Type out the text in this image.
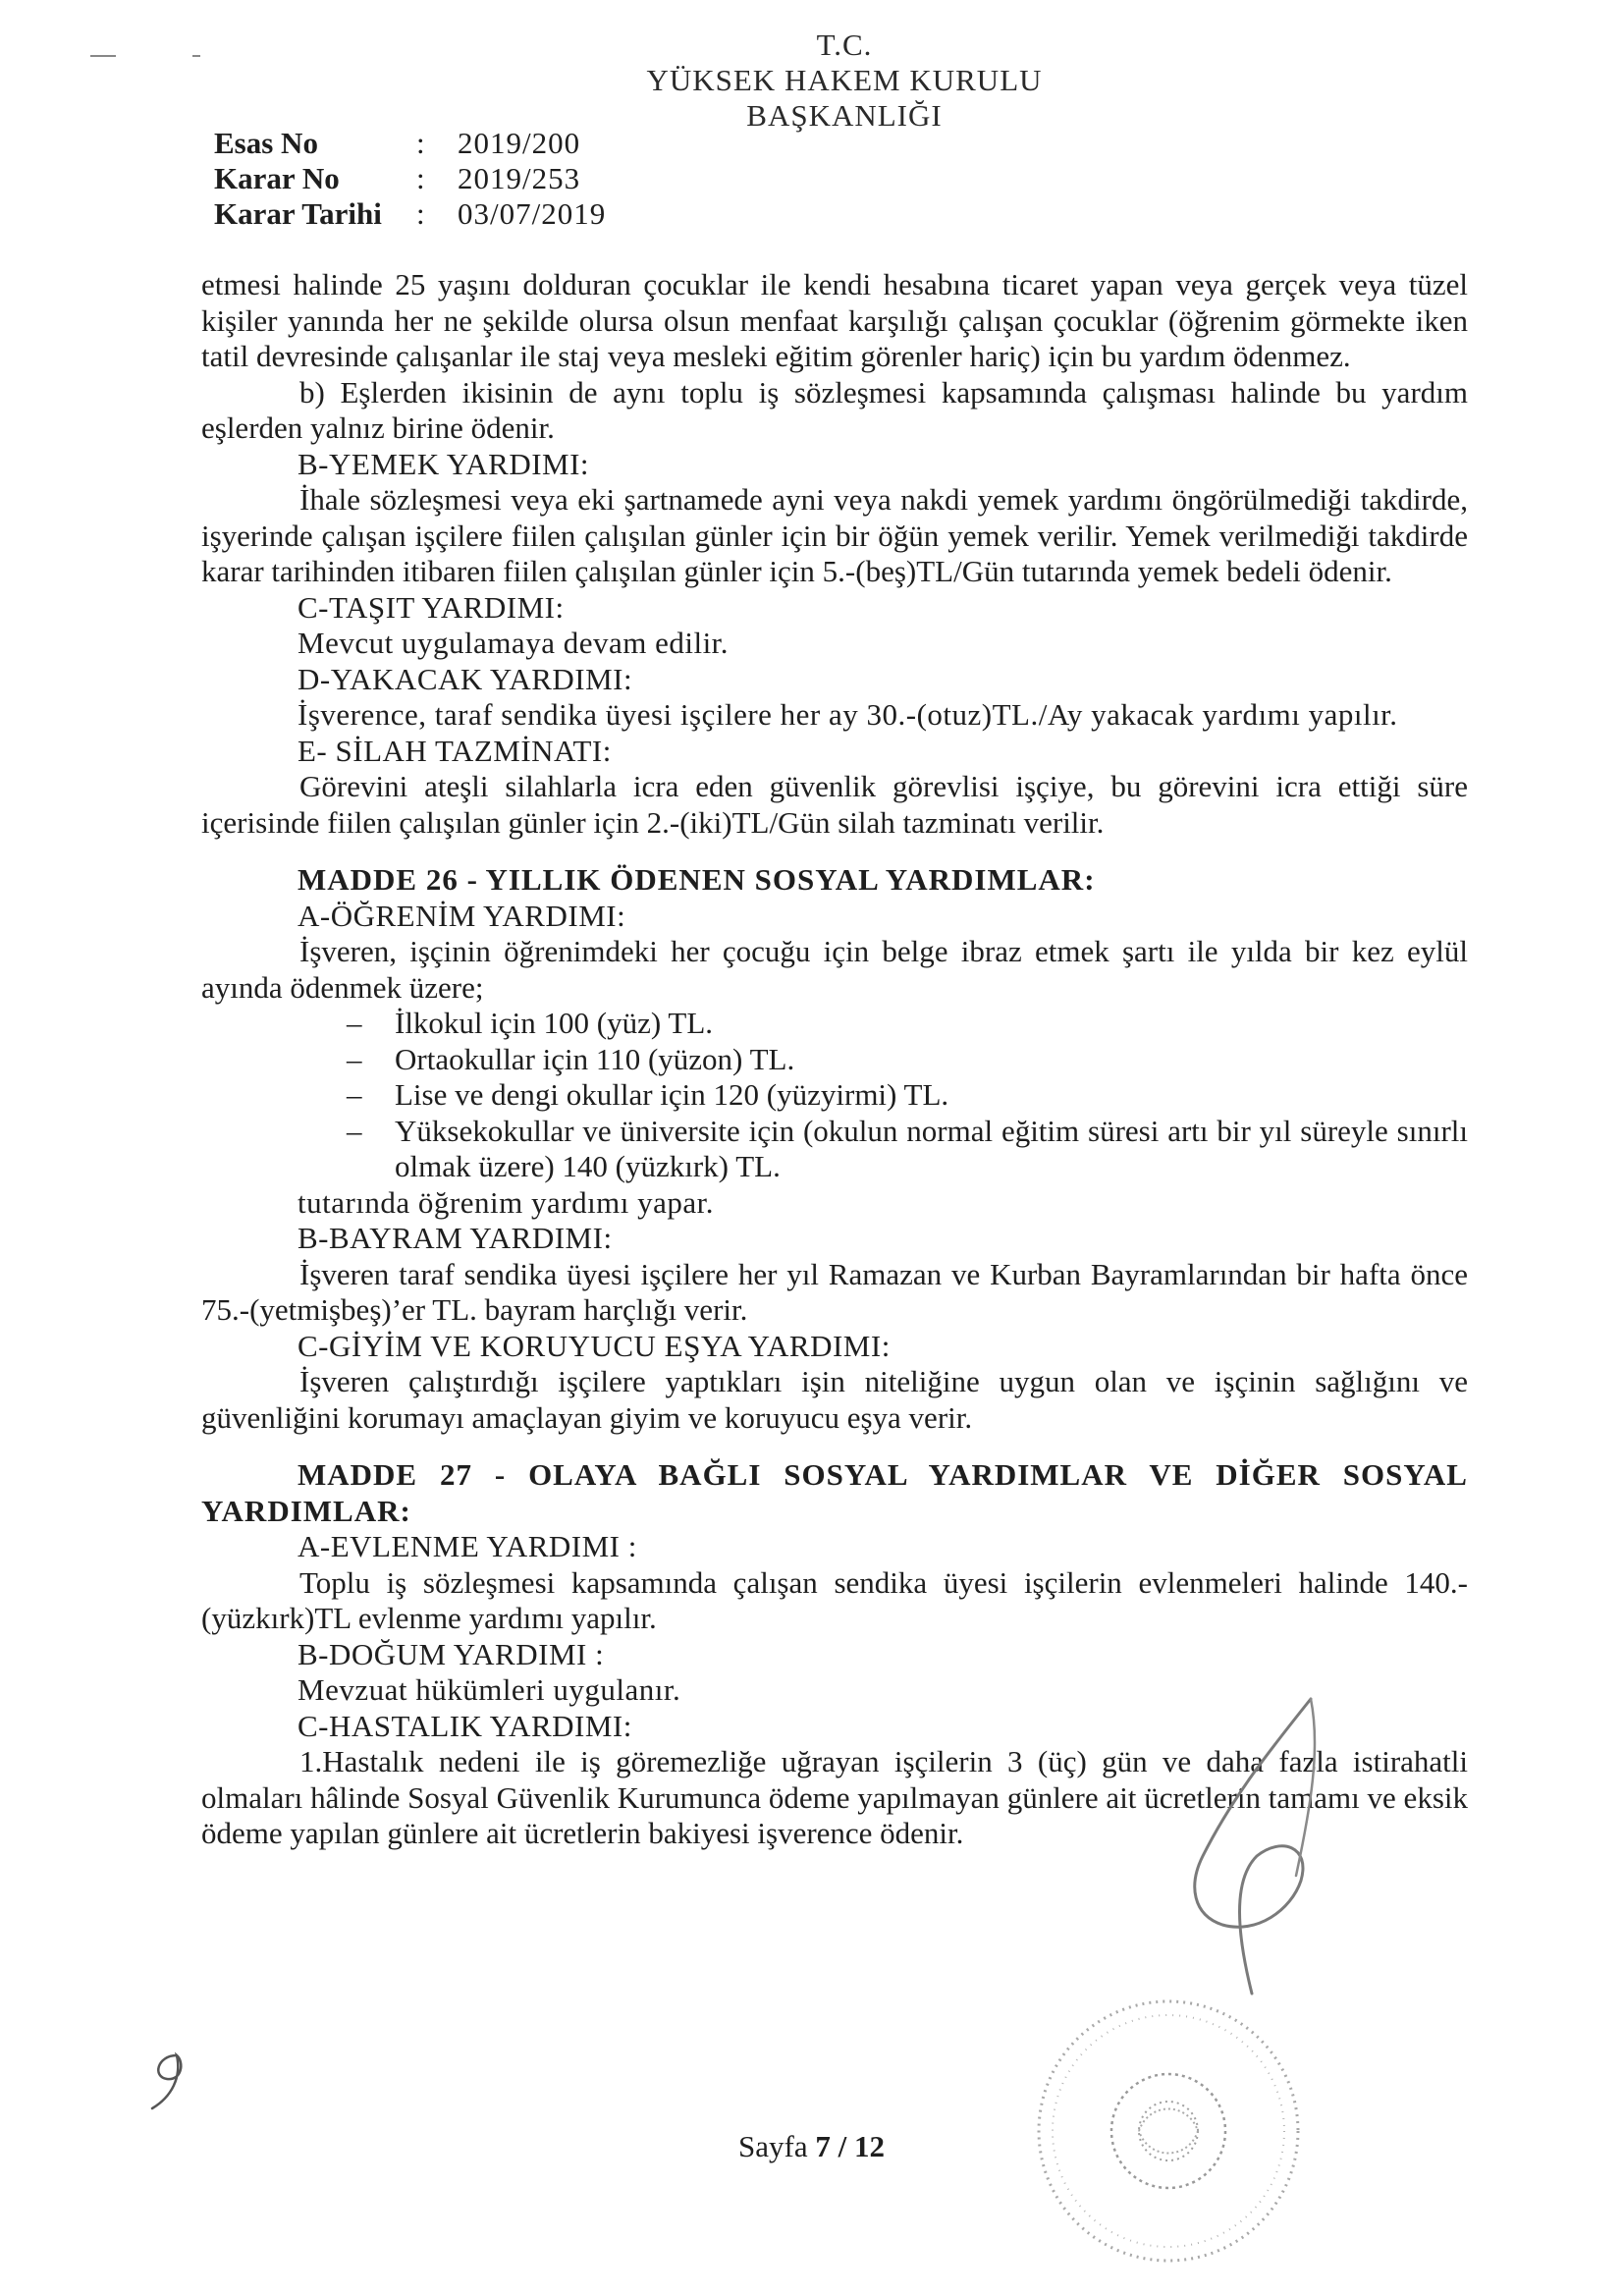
T.C.
YÜKSEK HAKEM KURULU
BAŞKANLIĞI
Esas No	:	2019/200
Karar No	:	2019/253
Karar Tarihi	:	03/07/2019

etmesi halinde 25 yaşını dolduran çocuklar ile kendi hesabına ticaret yapan veya gerçek veya tüzel kişiler yanında her ne şekilde olursa olsun menfaat karşılığı çalışan çocuklar (öğrenim görmekte iken tatil devresinde çalışanlar ile staj veya mesleki eğitim görenler hariç) için bu yardım ödenmez.

b) Eşlerden ikisinin de aynı toplu iş sözleşmesi kapsamında çalışması halinde bu yardım eşlerden yalnız birine ödenir.

B-YEMEK YARDIMI:

İhale sözleşmesi veya eki şartnamede ayni veya nakdi yemek yardımı öngörülmediği takdirde, işyerinde çalışan işçilere fiilen çalışılan günler için bir öğün yemek verilir. Yemek verilmediği takdirde karar tarihinden itibaren fiilen çalışılan günler için 5.-(beş)TL/Gün tutarında yemek bedeli ödenir.

C-TAŞIT YARDIMI:

Mevcut uygulamaya devam edilir.

D-YAKACAK YARDIMI:

İşverence, taraf sendika üyesi işçilere her ay 30.-(otuz)TL./Ay yakacak yardımı yapılır.

E- SİLAH TAZMİNATI:

Görevini ateşli silahlarla icra eden güvenlik görevlisi işçiye, bu görevini icra ettiği süre içerisinde fiilen çalışılan günler için 2.-(iki)TL/Gün silah tazminatı verilir.

MADDE 26 - YILLIK ÖDENEN SOSYAL YARDIMLAR:

A-ÖĞRENİM YARDIMI:

İşveren, işçinin öğrenimdeki her çocuğu için belge ibraz etmek şartı ile yılda bir kez eylül ayında ödenmek üzere;

– İlkokul için 100 (yüz) TL.
– Ortaokullar için 110 (yüzon) TL.
– Lise ve dengi okullar için 120 (yüzyirmi) TL.
– Yüksekokullar ve üniversite için (okulun normal eğitim süresi artı bir yıl süreyle sınırlı olmak üzere) 140 (yüzkırk) TL.

tutarında öğrenim yardımı yapar.

B-BAYRAM YARDIMI:

İşveren taraf sendika üyesi işçilere her yıl Ramazan ve Kurban Bayramlarından bir hafta önce 75.-(yetmişbeş)’er TL. bayram harçlığı verir.

C-GİYİM VE KORUYUCU EŞYA YARDIMI:

İşveren çalıştırdığı işçilere yaptıkları işin niteliğine uygun olan ve işçinin sağlığını ve güvenliğini korumayı amaçlayan giyim ve koruyucu eşya verir.

MADDE 27 - OLAYA BAĞLI SOSYAL YARDIMLAR VE DİĞER SOSYAL YARDIMLAR:

A-EVLENME YARDIMI :

Toplu iş sözleşmesi kapsamında çalışan sendika üyesi işçilerin evlenmeleri halinde 140.-(yüzkırk)TL evlenme yardımı yapılır.

B-DOĞUM YARDIMI :

Mevzuat hükümleri uygulanır.

C-HASTALIK YARDIMI:

1.Hastalık nedeni ile iş göremezliğe uğrayan işçilerin 3 (üç) gün ve daha fazla istirahatli olmaları hâlinde Sosyal Güvenlik Kurumunca ödeme yapılmayan günlere ait ücretlerin tamamı ve eksik ödeme yapılan günlere ait ücretlerin bakiyesi işverence ödenir.

Sayfa 7 / 12
